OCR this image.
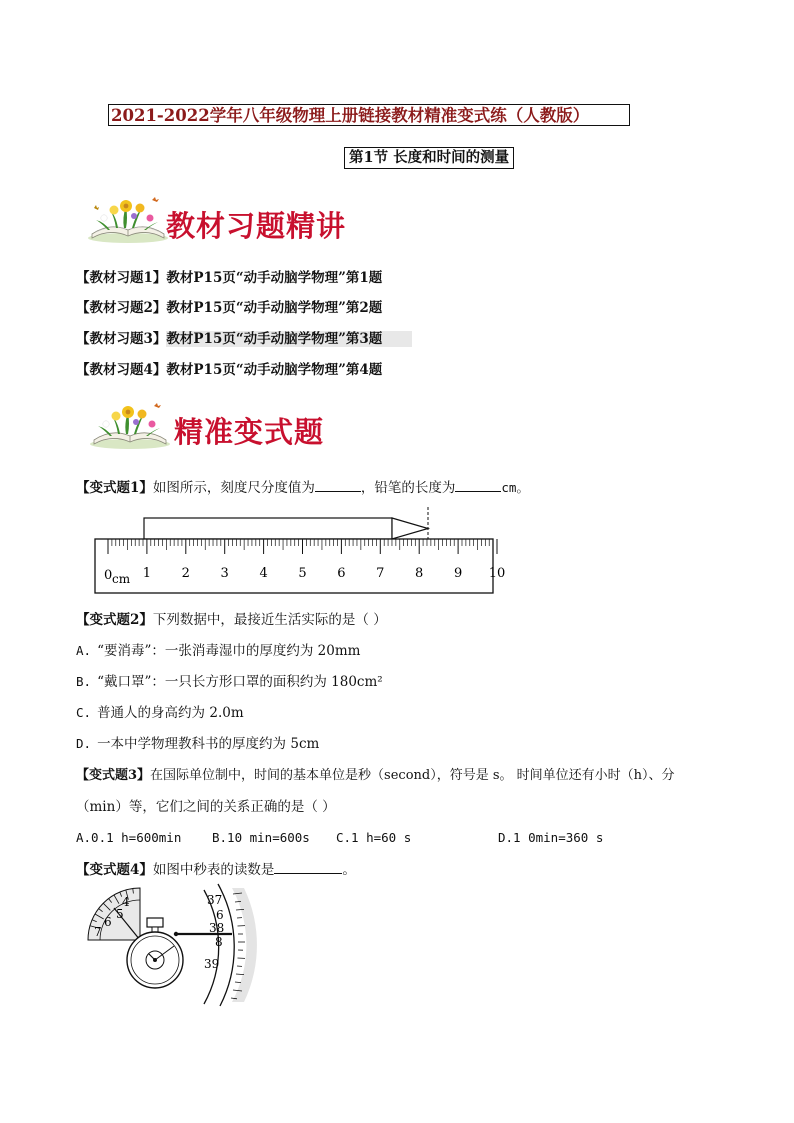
2021-2022学年八年级物理上册链接教材精准变式练（人教版）
第1节 长度和时间的测量
教材习题精讲
【教材习题1】教材P15页“动手动脑学物理”第1题
【教材习题2】教材P15页“动手动脑学物理”第2题
【教材习题3】教材P15页“动手动脑学物理”第3题
【教材习题4】教材P15页“动手动脑学物理”第4题
精准变式题
【变式题1】如图所示，刻度尺分度值为	，铅笔的长度为	cm。
0 cm 1 2 3 4 5 6 7 8 9 10
【变式题2】下列数据中，最接近生活实际的是（ ）
A. “要消毒”：一张消毒湿巾的厚度约为 20mm
B. “戴口罩”：一只长方形口罩的面积约为 180cm²
C. 普通人的身高约为 2.0m
D. 一本中学物理教科书的厚度约为 5cm
【变式题3】在国际单位制中，时间的基本单位是秒（second），符号是 s。 时间单位还有小时（h）、分
（min）等，它们之间的关系正确的是（ ）
A.0.1 h=600min B.10 min=600s C.1 h=60 s	D.1 0min=360 s
【变式题4】如图中秒表的读数是	。
4
5
6
7
37
6
38
8
39
